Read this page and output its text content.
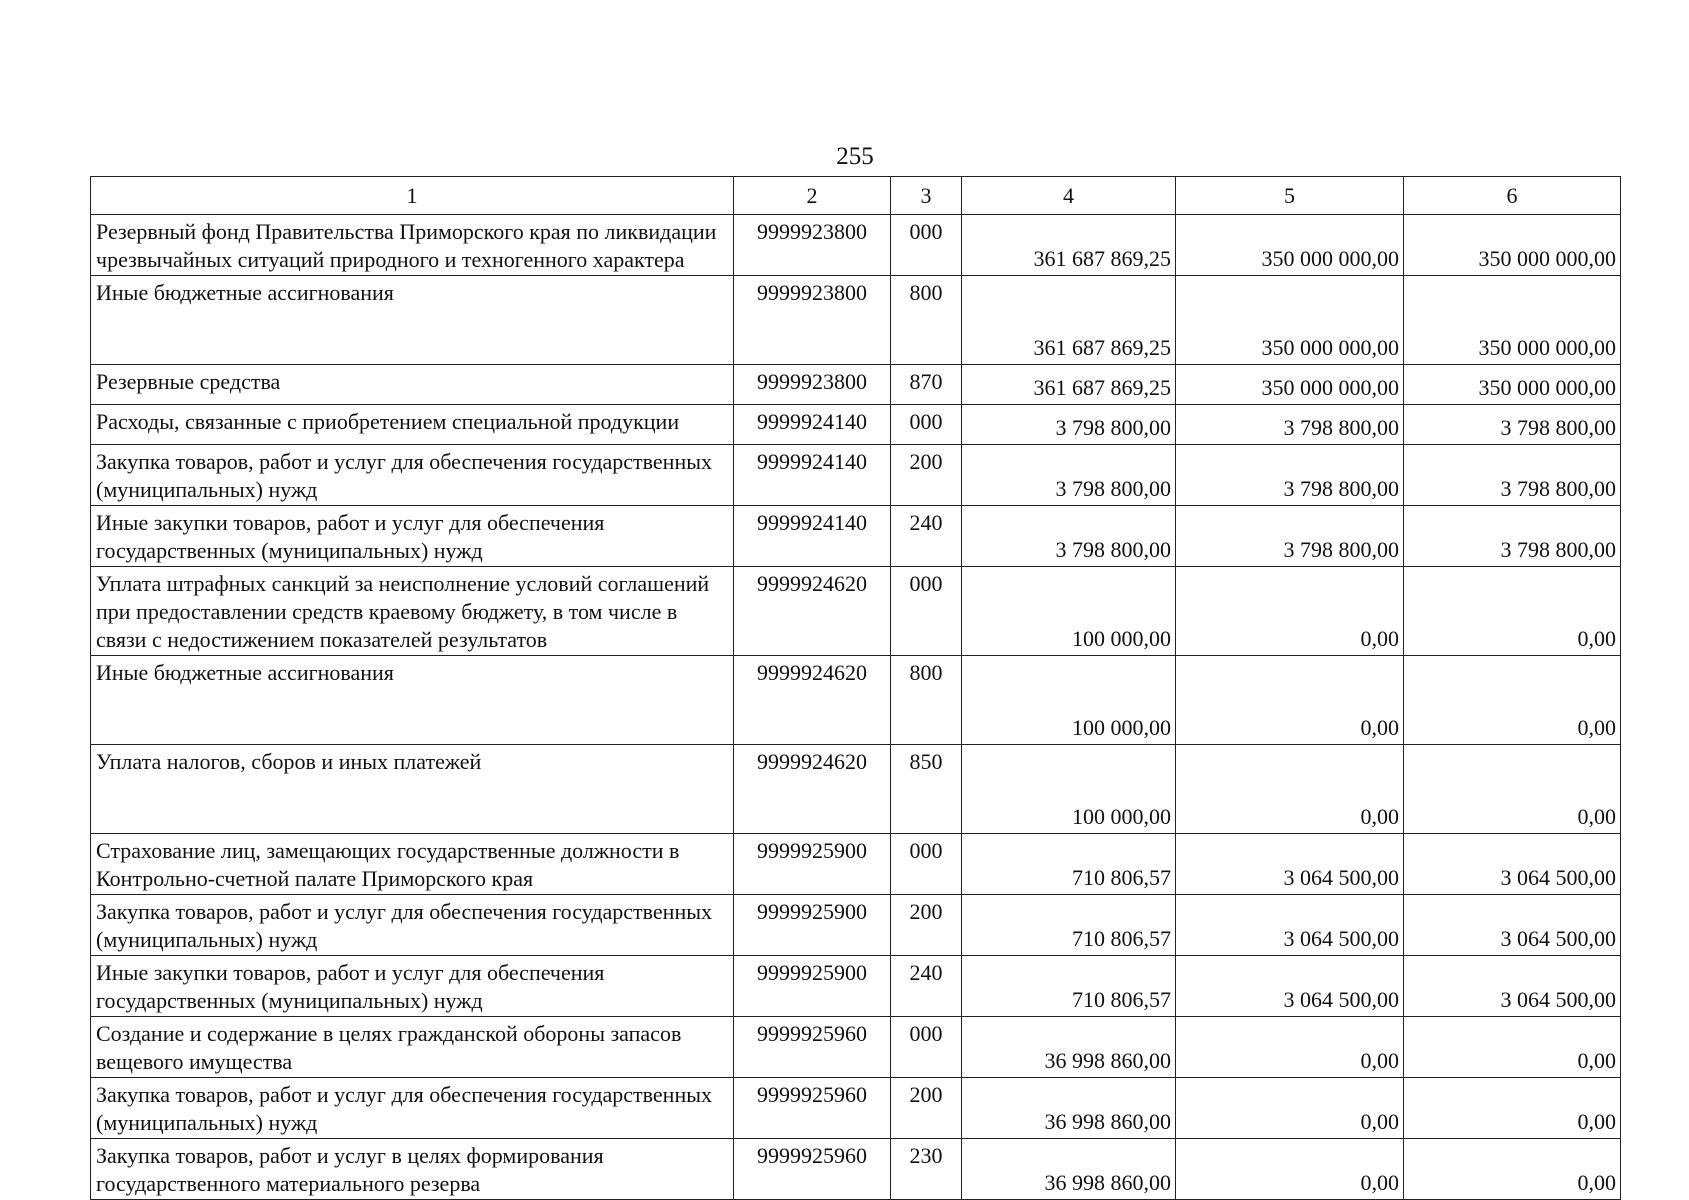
255
1	2	3	4	5	6
Резервный фонд Правительства Приморского края по ликвидации чрезвычайных ситуаций природного и техногенного характера	9999923800	000	361 687 869,25	350 000 000,00	350 000 000,00
Иные бюджетные ассигнования	9999923800	800	361 687 869,25	350 000 000,00	350 000 000,00
Резервные средства	9999923800	870	361 687 869,25	350 000 000,00	350 000 000,00
Расходы, связанные с приобретением специальной продукции	9999924140	000	3 798 800,00	3 798 800,00	3 798 800,00
Закупка товаров, работ и услуг для обеспечения государственных (муниципальных) нужд	9999924140	200	3 798 800,00	3 798 800,00	3 798 800,00
Иные закупки товаров, работ и услуг для обеспечения государственных (муниципальных) нужд	9999924140	240	3 798 800,00	3 798 800,00	3 798 800,00
Уплата штрафных санкций за неисполнение условий соглашений при предоставлении средств краевому бюджету, в том числе в связи с недостижением показателей результатов	9999924620	000	100 000,00	0,00	0,00
Иные бюджетные ассигнования	9999924620	800	100 000,00	0,00	0,00
Уплата налогов, сборов и иных платежей	9999924620	850	100 000,00	0,00	0,00
Страхование лиц, замещающих государственные должности в Контрольно-счетной палате Приморского края	9999925900	000	710 806,57	3 064 500,00	3 064 500,00
Закупка товаров, работ и услуг для обеспечения государственных (муниципальных) нужд	9999925900	200	710 806,57	3 064 500,00	3 064 500,00
Иные закупки товаров, работ и услуг для обеспечения государственных (муниципальных) нужд	9999925900	240	710 806,57	3 064 500,00	3 064 500,00
Создание и содержание в целях гражданской обороны запасов вещевого имущества	9999925960	000	36 998 860,00	0,00	0,00
Закупка товаров, работ и услуг для обеспечения государственных (муниципальных) нужд	9999925960	200	36 998 860,00	0,00	0,00
Закупка товаров, работ и услуг в целях формирования государственного материального резерва	9999925960	230	36 998 860,00	0,00	0,00
